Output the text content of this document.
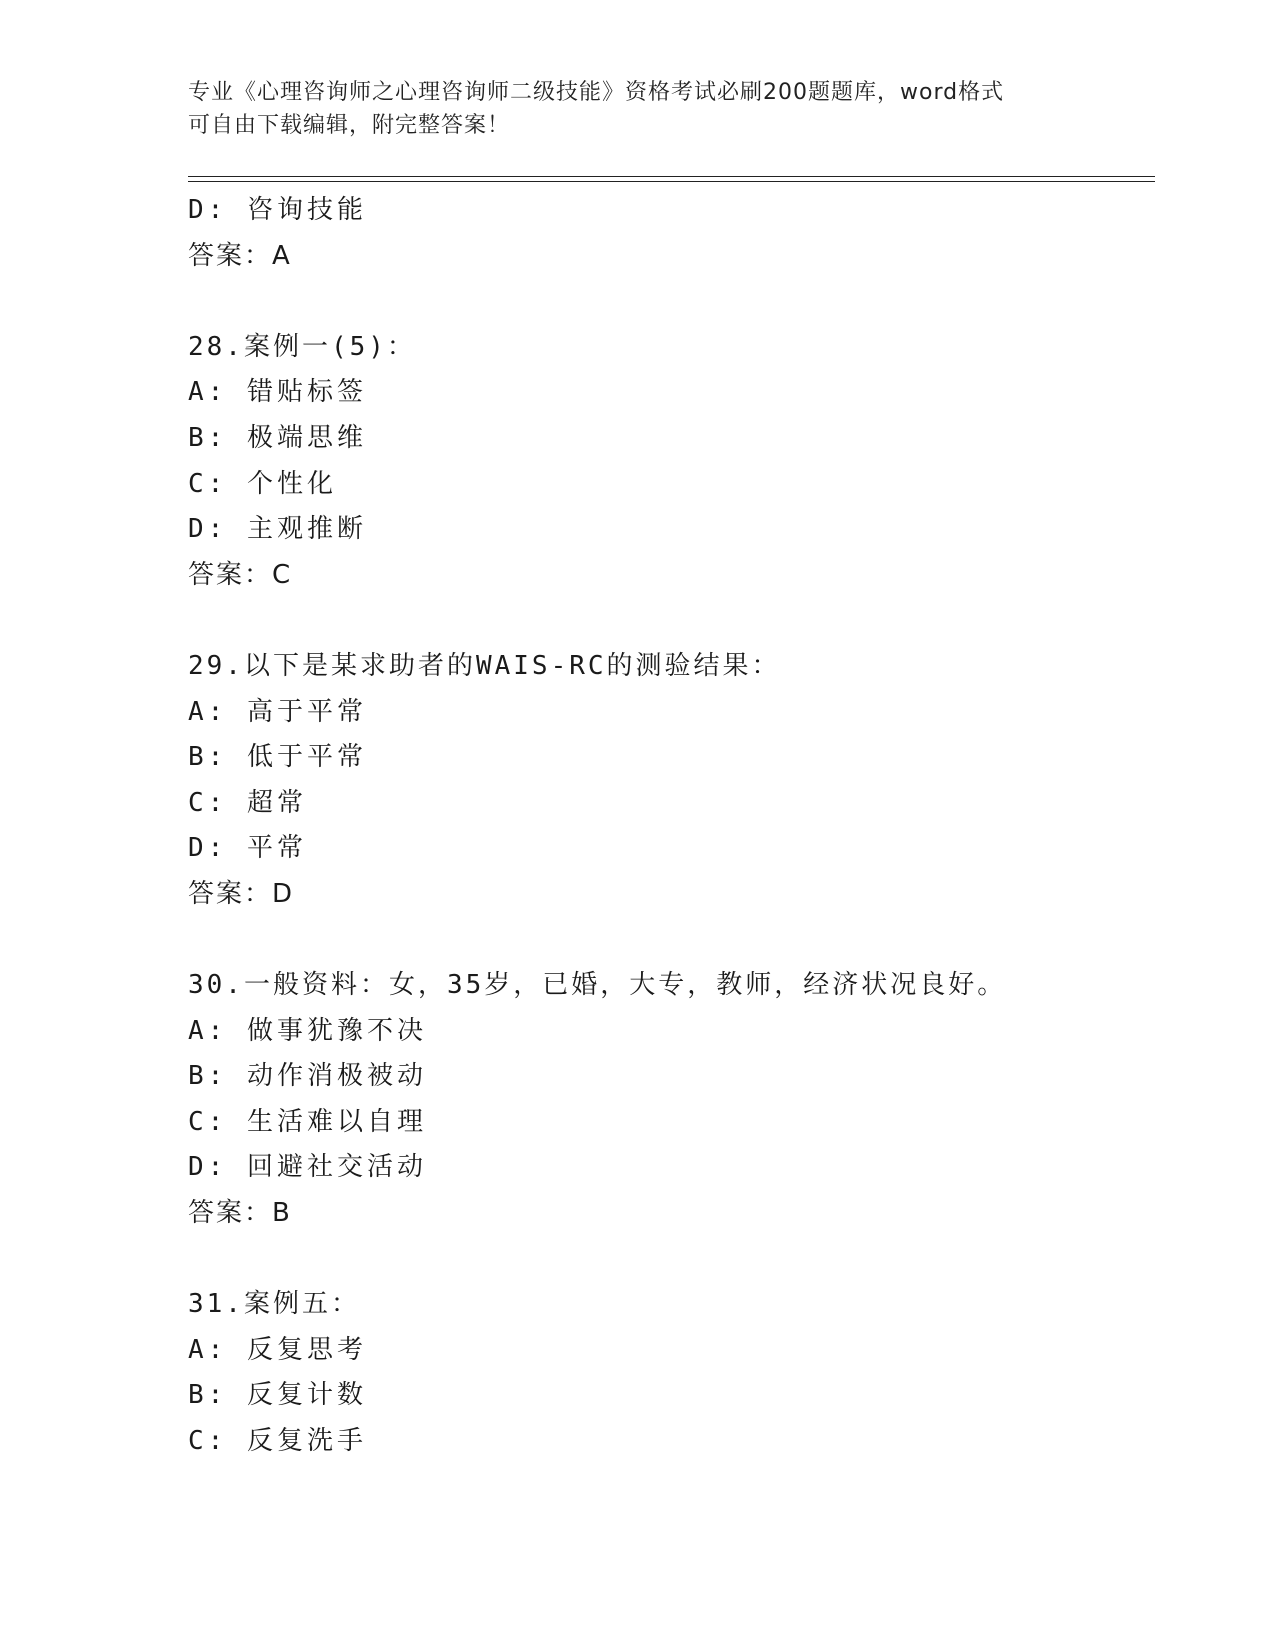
专业《心理咨询师之心理咨询师二级技能》资格考试必刷200题题库，word格式
可自由下载编辑，附完整答案！
D: 咨询技能
答案：A
28.案例一(5)：
A: 错贴标签
B: 极端思维
C: 个性化
D: 主观推断
答案：C
29.以下是某求助者的WAIS-RC的测验结果：
A: 高于平常
B: 低于平常
C: 超常
D: 平常
答案：D
30.一般资料：女，35岁，已婚，大专，教师，经济状况良好。
A: 做事犹豫不决
B: 动作消极被动
C: 生活难以自理
D: 回避社交活动
答案：B
31.案例五：
A: 反复思考
B: 反复计数
C: 反复洗手
